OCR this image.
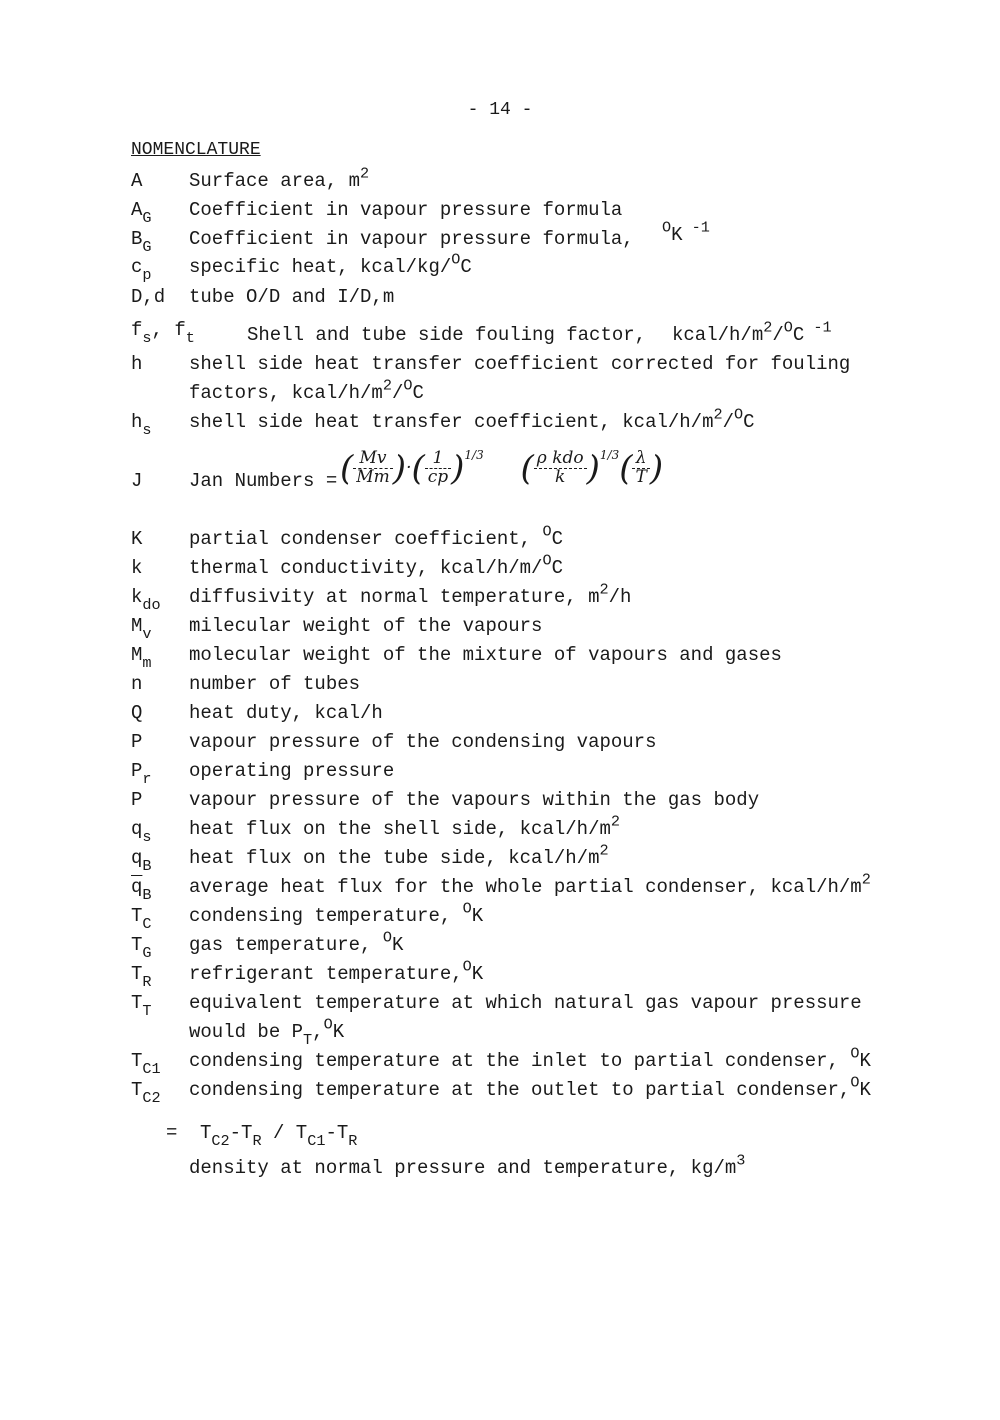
- 14 -
NOMENCLATURE
A Surface area, $m^2$
$A_G$ Coefficient in vapour pressure formula
$B_G$ Coefficient in vapour pressure formula,
$^O$K $^{-1}$
$c_p$ specific heat, kcal/kg/$^O$C
D,d tube O/D and I/D,m
$f_s$, $f_t$	Shell and tube side fouling factor, kcal/$h/m^2/^OC$ $^{-1}$
h shell side heat transfer coefficient corrected for fouling
factors, kcal/$h/m^2/^OC$
$h_s$ shell side heat transfer coefficient, kcal/$h/m^2/^OC$
J Jan Numbers = ( $\frac{Mv}{Mm}$ )·( $\frac{1}{cp} )^{1/3}$ ( $\frac{\text{ρ kdo}}{k} )^{1/3}( \frac{\lambda}{T}$ )
K partial condenser coefficient, $^O$C
k thermal conductivity, kcal/h/m/$^O$C
$k_{do}$ diffusivity at normal temperature, $m^2/h$
$M_v$ milecular weight of the vapours
$M_m$ molecular weight of the mixture of vapours and gases
n number of tubes
Q heat duty, kcal/h
P vapour pressure of the condensing vapours
$P_r$ operating pressure
P vapour pressure of the vapours within the gas body
$q_s$ heat flux on the shell side, kcal/$h/m^2$
$q_B$ heat flux on the tube side, kcal/$h/m^2$
$\overline{q}_B$ average heat flux for the whole partial condenser, kcal/$h/m^2$
$T_C$ condensing temperature, $^O$K
$T_G$ gas temperature, $^O$K
$T_R$ refrigerant temperature,$^O$K
$T_T$ equivalent temperature at which natural gas vapour pressure
would be $P_T,^OK$
$T_{C1}$ condensing temperature at the inlet to partial condenser, $^O$K
$T_{C2}$ condensing temperature at the outlet to partial condenser,$^O$K
= $T_{C2}-T_R / T_{C1}-T_R$
density at normal pressure and temperature, $kg/m^3$
